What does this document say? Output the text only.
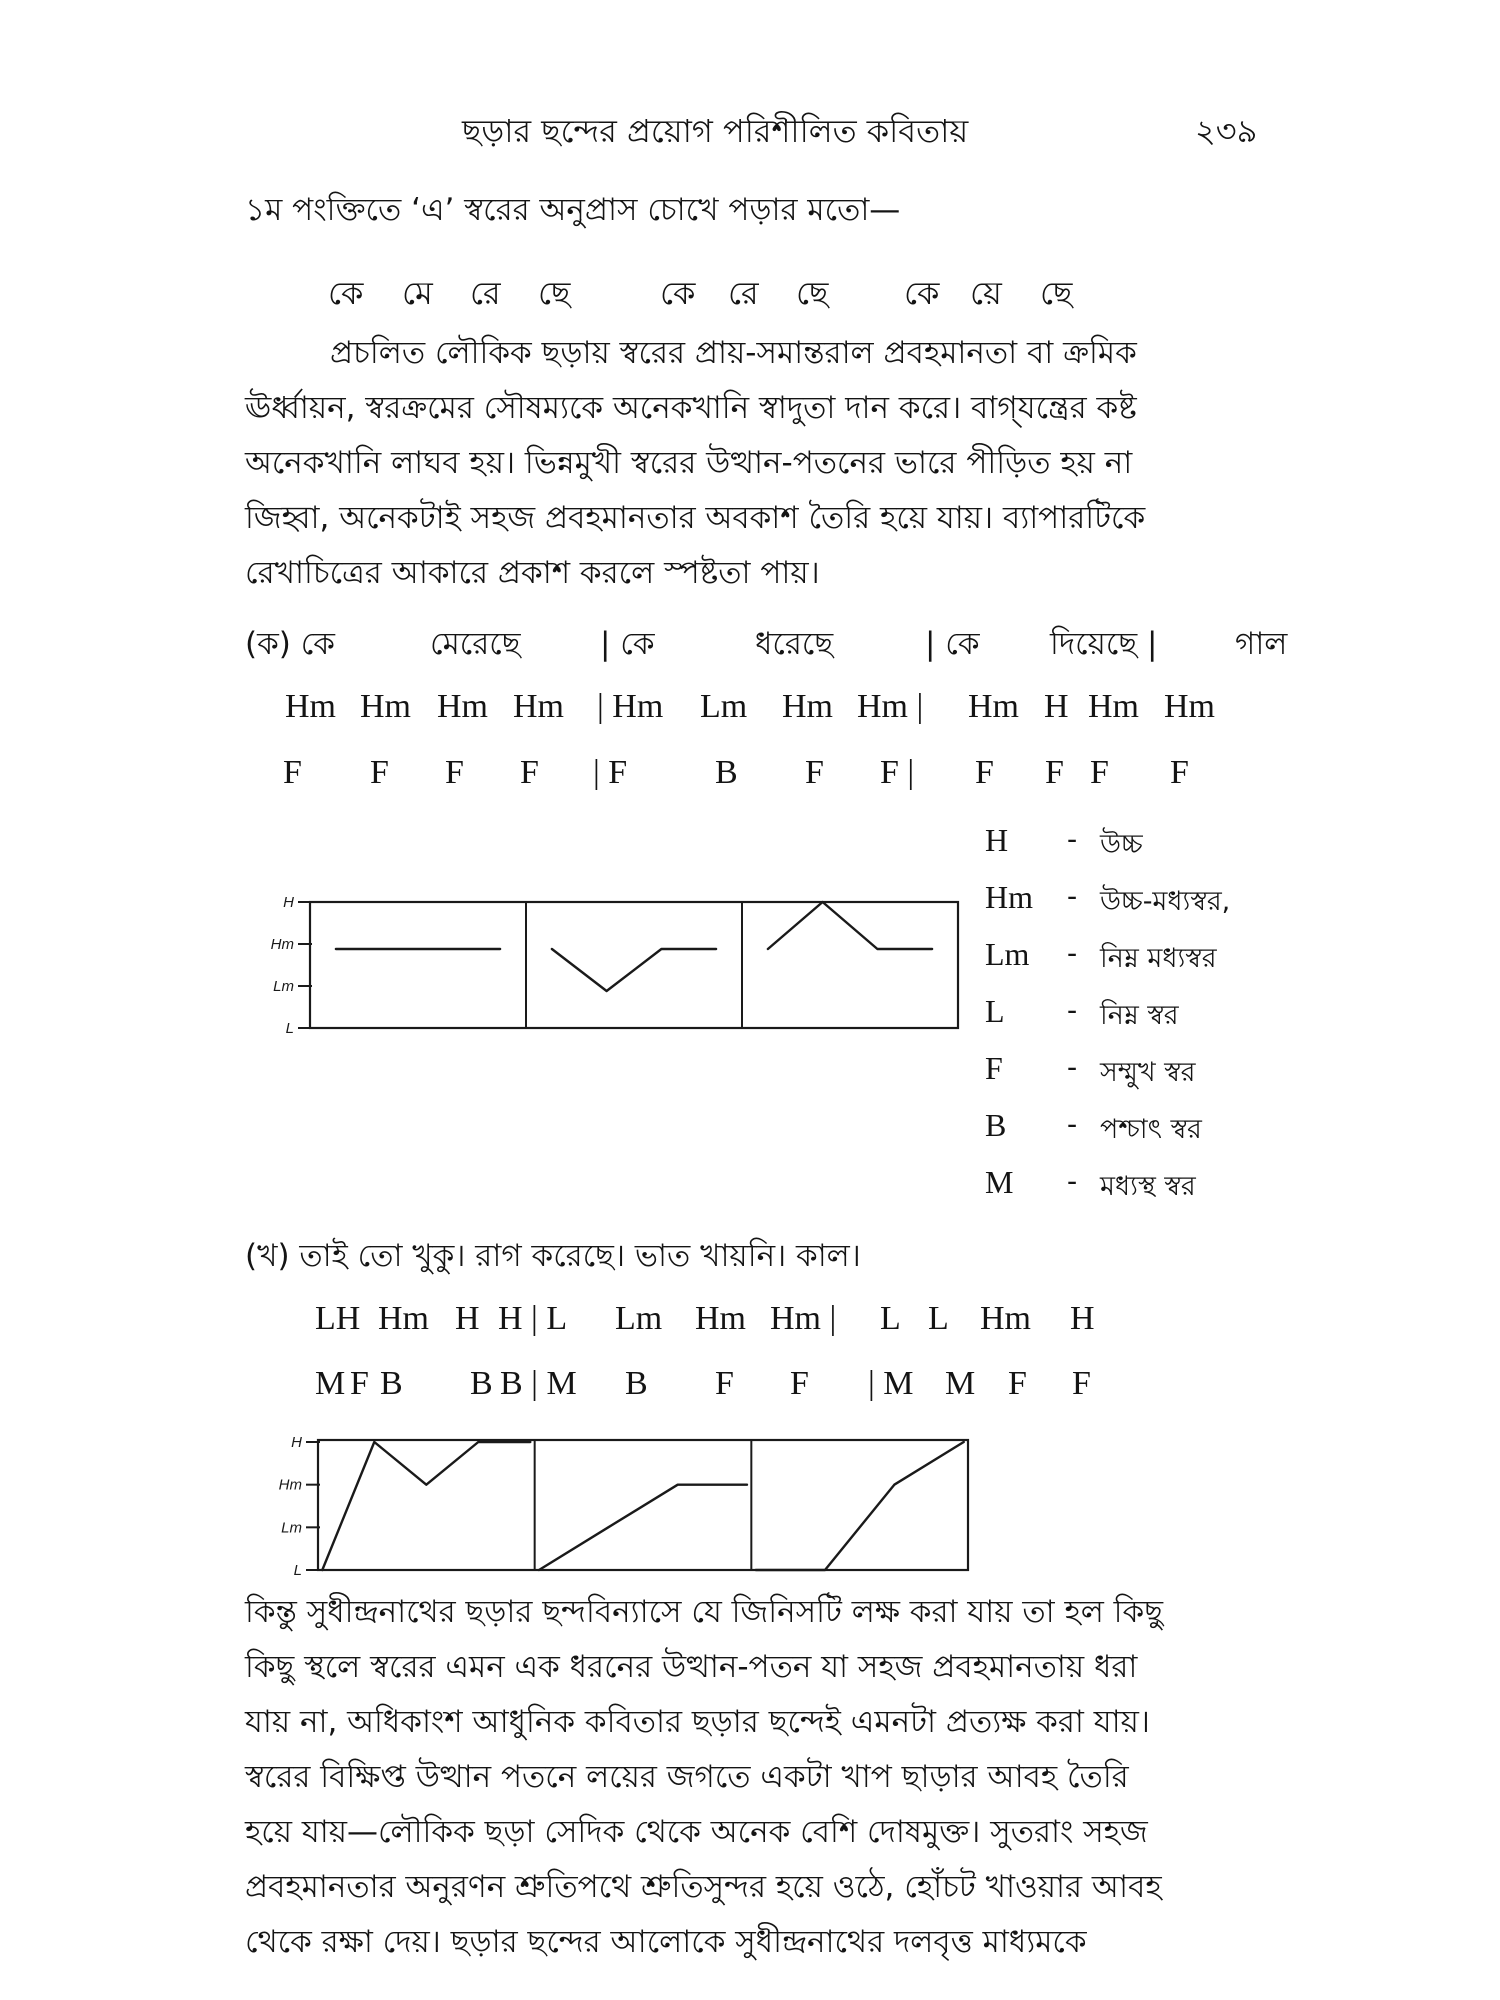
ছড়ার ছন্দের প্রয়োগ পরিশীলিত কবিতায়	২৩৯
১ম পংক্তিতে ‘এ’ স্বরের অনুপ্রাস চোখে পড়ার মতো—
কে মে রে ছে	কে রে ছে কে য়ে ছে
প্রচলিত লৌকিক ছড়ায় স্বরের প্রায়-সমান্তরাল প্রবহমানতা বা ক্রমিক
ঊর্ধ্বায়ন, স্বরক্রমের সৌষম্যকে অনেকখানি স্বাদুতা দান করে। বাগ্‌যন্ত্রের কষ্ট
অনেকখানি লাঘব হয়। ভিন্নমুখী স্বরের উত্থান-পতনের ভারে পীড়িত হয় না
জিহ্বা, অনেকটাই সহজ প্রবহমানতার অবকাশ তৈরি হয়ে যায়। ব্যাপারটিকে
রেখাচিত্রের আকারে প্রকাশ করলে স্পষ্টতা পায়।
(ক) কে	মেরেছে	| কে	ধরেছে	| কে দিয়েছে |	গাল
Hm Hm Hm Hm | Hm Lm Hm Hm | Hm H Hm Hm
F F F F | F	B F F | F F F F
H
Hm
Lm
L
H - উচ্চ
Hm - উচ্চ-মধ্যস্বর,
Lm - নিম্ন মধ্যস্বর
L - নিম্ন স্বর
F - সম্মুখ স্বর
B - পশ্চাৎ স্বর
M - মধ্যস্থ স্বর
(খ) তাই তো খুকু। রাগ করেছে। ভাত খায়নি। কাল।
LH Hm H H | L Lm Hm Hm | L L Hm H
M F B B B | M B F F | M M F F
H
Hm
Lm
L
কিন্তু সুধীন্দ্রনাথের ছড়ার ছন্দবিন্যাসে যে জিনিসটি লক্ষ করা যায় তা হল কিছু
কিছু স্থলে স্বরের এমন এক ধরনের উত্থান-পতন যা সহজ প্রবহমানতায় ধরা
যায় না, অধিকাংশ আধুনিক কবিতার ছড়ার ছন্দেই এমনটা প্রত্যক্ষ করা যায়।
স্বরের বিক্ষিপ্ত উত্থান পতনে লয়ের জগতে একটা খাপ ছাড়ার আবহ তৈরি
হয়ে যায়—লৌকিক ছড়া সেদিক থেকে অনেক বেশি দোষমুক্ত। সুতরাং সহজ
প্রবহমানতার অনুরণন শ্রুতিপথে শ্রুতিসুন্দর হয়ে ওঠে, হোঁচট খাওয়ার আবহ
থেকে রক্ষা দেয়। ছড়ার ছন্দের আলোকে সুধীন্দ্রনাথের দলবৃত্ত মাধ্যমকে
